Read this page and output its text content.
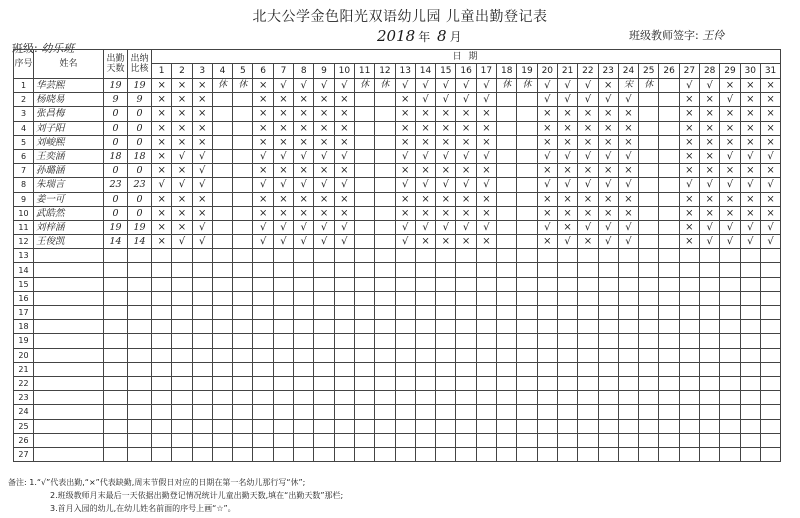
北大公学金色阳光双语幼儿园 儿童出勤登记表
2018 年 8 月
班级: 幼乐班
班级教师签字: 王伶
序号	姓名	出勤天数	出纳比核	日 期																														
				1	2	3	4	5	6	7	8	9	10	11	12	13	14	15	16	17	18	19	20	21	22	23	24	25	26	27	28	29	30	31
1	华芸熙	19	19	×	×	×	休	休	×	√	√	√	√	休	休	√	√	√	√	√	休	休	√	√	√	×	宋	休		√	√	×	×	×
2	杨晓易	9	9	×	×	×			×	×	×	×	×			×	√	√	√	√			√	√	√	√	√			×	×	√	×	×
3	张昌梅	0	0	×	×	×			×	×	×	×	×			×	×	×	×	×			×	×	×	×	×			×	×	×	×	×
4	刘子阳	0	0	×	×	×			×	×	×	×	×			×	×	×	×	×			×	×	×	×	×			×	×	×	×	×
5	刘峻熙	0	0	×	×	×			×	×	×	×	×			×	×	×	×	×			×	×	×	×	×			×	×	×	×	×
6	王奕涵	18	18	×	√	√			√	√	√	√	√			√	√	√	√	√			√	√	√	√	√			×	×	√	√	√
7	孙璐涵	0	0	×	×	√			×	×	×	×	×			×	×	×	×	×			×	×	×	×	×			×	×	×	×	×
8	朱瑞言	23	23	√	√	√			√	√	√	√	√			√	√	√	√	√			√	√	√	√	√			√	√	√	√	√
9	姜一可	0	0	×	×	×			×	×	×	×	×			×	×	×	×	×			×	×	×	×	×			×	×	×	×	×
10	武皓然	0	0	×	×	×			×	×	×	×	×			×	×	×	×	×			×	×	×	×	×			×	×	×	×	×
11	刘梓涵	19	19	×	×	√			√	√	√	√	√			√	√	√	√	√			√	×	√	√	√			×	√	√	√	√
12	王俊凯	14	14	×	√	√			√	√	√	√	√			√	×	×	×	×			×	√	×	√	√			×	√	√	√	√
13																																		
14																																		
15																																		
16																																		
17																																		
18																																		
19																																		
20																																		
21																																		
22																																		
23																																		
24																																		
25																																		
26																																		
27																																		
备注: 1.“√”代表出勤,“×”代表缺勤,周末节假日对应的日期在第一名幼儿那行写“休”;
2.班级教师月末最后一天依据出勤登记情况统计儿童出勤天数,填在“出勤天数”那栏;
3.首月入园的幼儿,在幼儿姓名前面的序号上画“☆”。
